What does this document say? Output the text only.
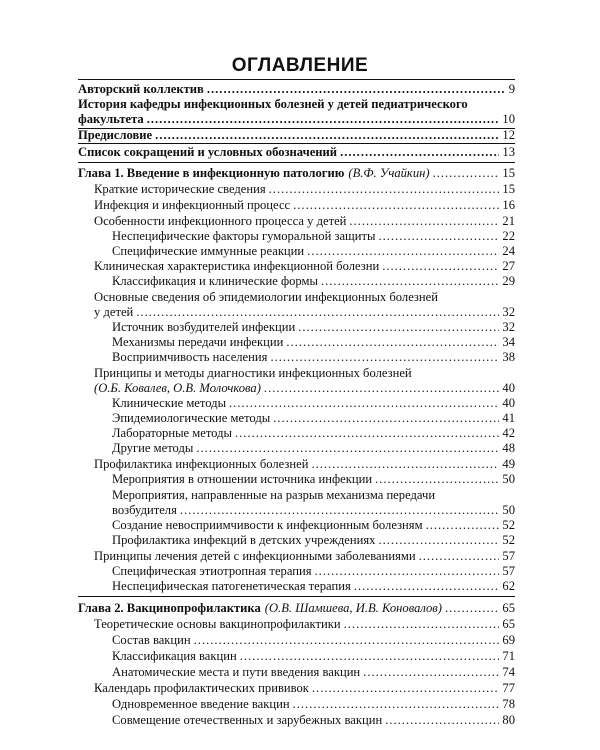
ОГЛАВЛЕНИЕ
Авторский коллектив .....	9
История кафедры инфекционных болезней у детей педиатрического
факультета .....	10
Предисловие .....	12
Список сокращений и условных обозначений .....	13
Глава 1. Введение в инфекционную патологию (В.Ф. Учайкин) .....	15
Краткие исторические сведения .....	15
Инфекция и инфекционный процесс .....	16
Особенности инфекционного процесса у детей .....	21
Неспецифические факторы гуморальной защиты .....	22
Специфические иммунные реакции .....	24
Клиническая характеристика инфекционной болезни .....	27
Классификация и клинические формы .....	29
Основные сведения об эпидемиологии инфекционных болезней
у детей .....	32
Источник возбудителей инфекции .....	32
Механизмы передачи инфекции .....	34
Восприимчивость населения .....	38
Принципы и методы диагностики инфекционных болезней
(О.Б. Ковалев, О.В. Молочкова) .....	40
Клинические методы .....	40
Эпидемиологические методы .....	41
Лабораторные методы .....	42
Другие методы .....	48
Профилактика инфекционных болезней .....	49
Мероприятия в отношении источника инфекции .....	50
Мероприятия, направленные на разрыв механизма передачи
возбудителя .....	50
Создание невосприимчивости к инфекционным болезням .....	52
Профилактика инфекций в детских учреждениях .....	52
Принципы лечения детей с инфекционными заболеваниями .....	57
Специфическая этиотропная терапия .....	57
Неспецифическая патогенетическая терапия .....	62
Глава 2. Вакцинопрофилактика (О.В. Шамшева, И.В. Коновалов) .....	65
Теоретические основы вакцинопрофилактики .....	65
Состав вакцин .....	69
Классификация вакцин .....	71
Анатомические места и пути введения вакцин .....	74
Календарь профилактических прививок .....	77
Одновременное введение вакцин .....	78
Совмещение отечественных и зарубежных вакцин .....	80
